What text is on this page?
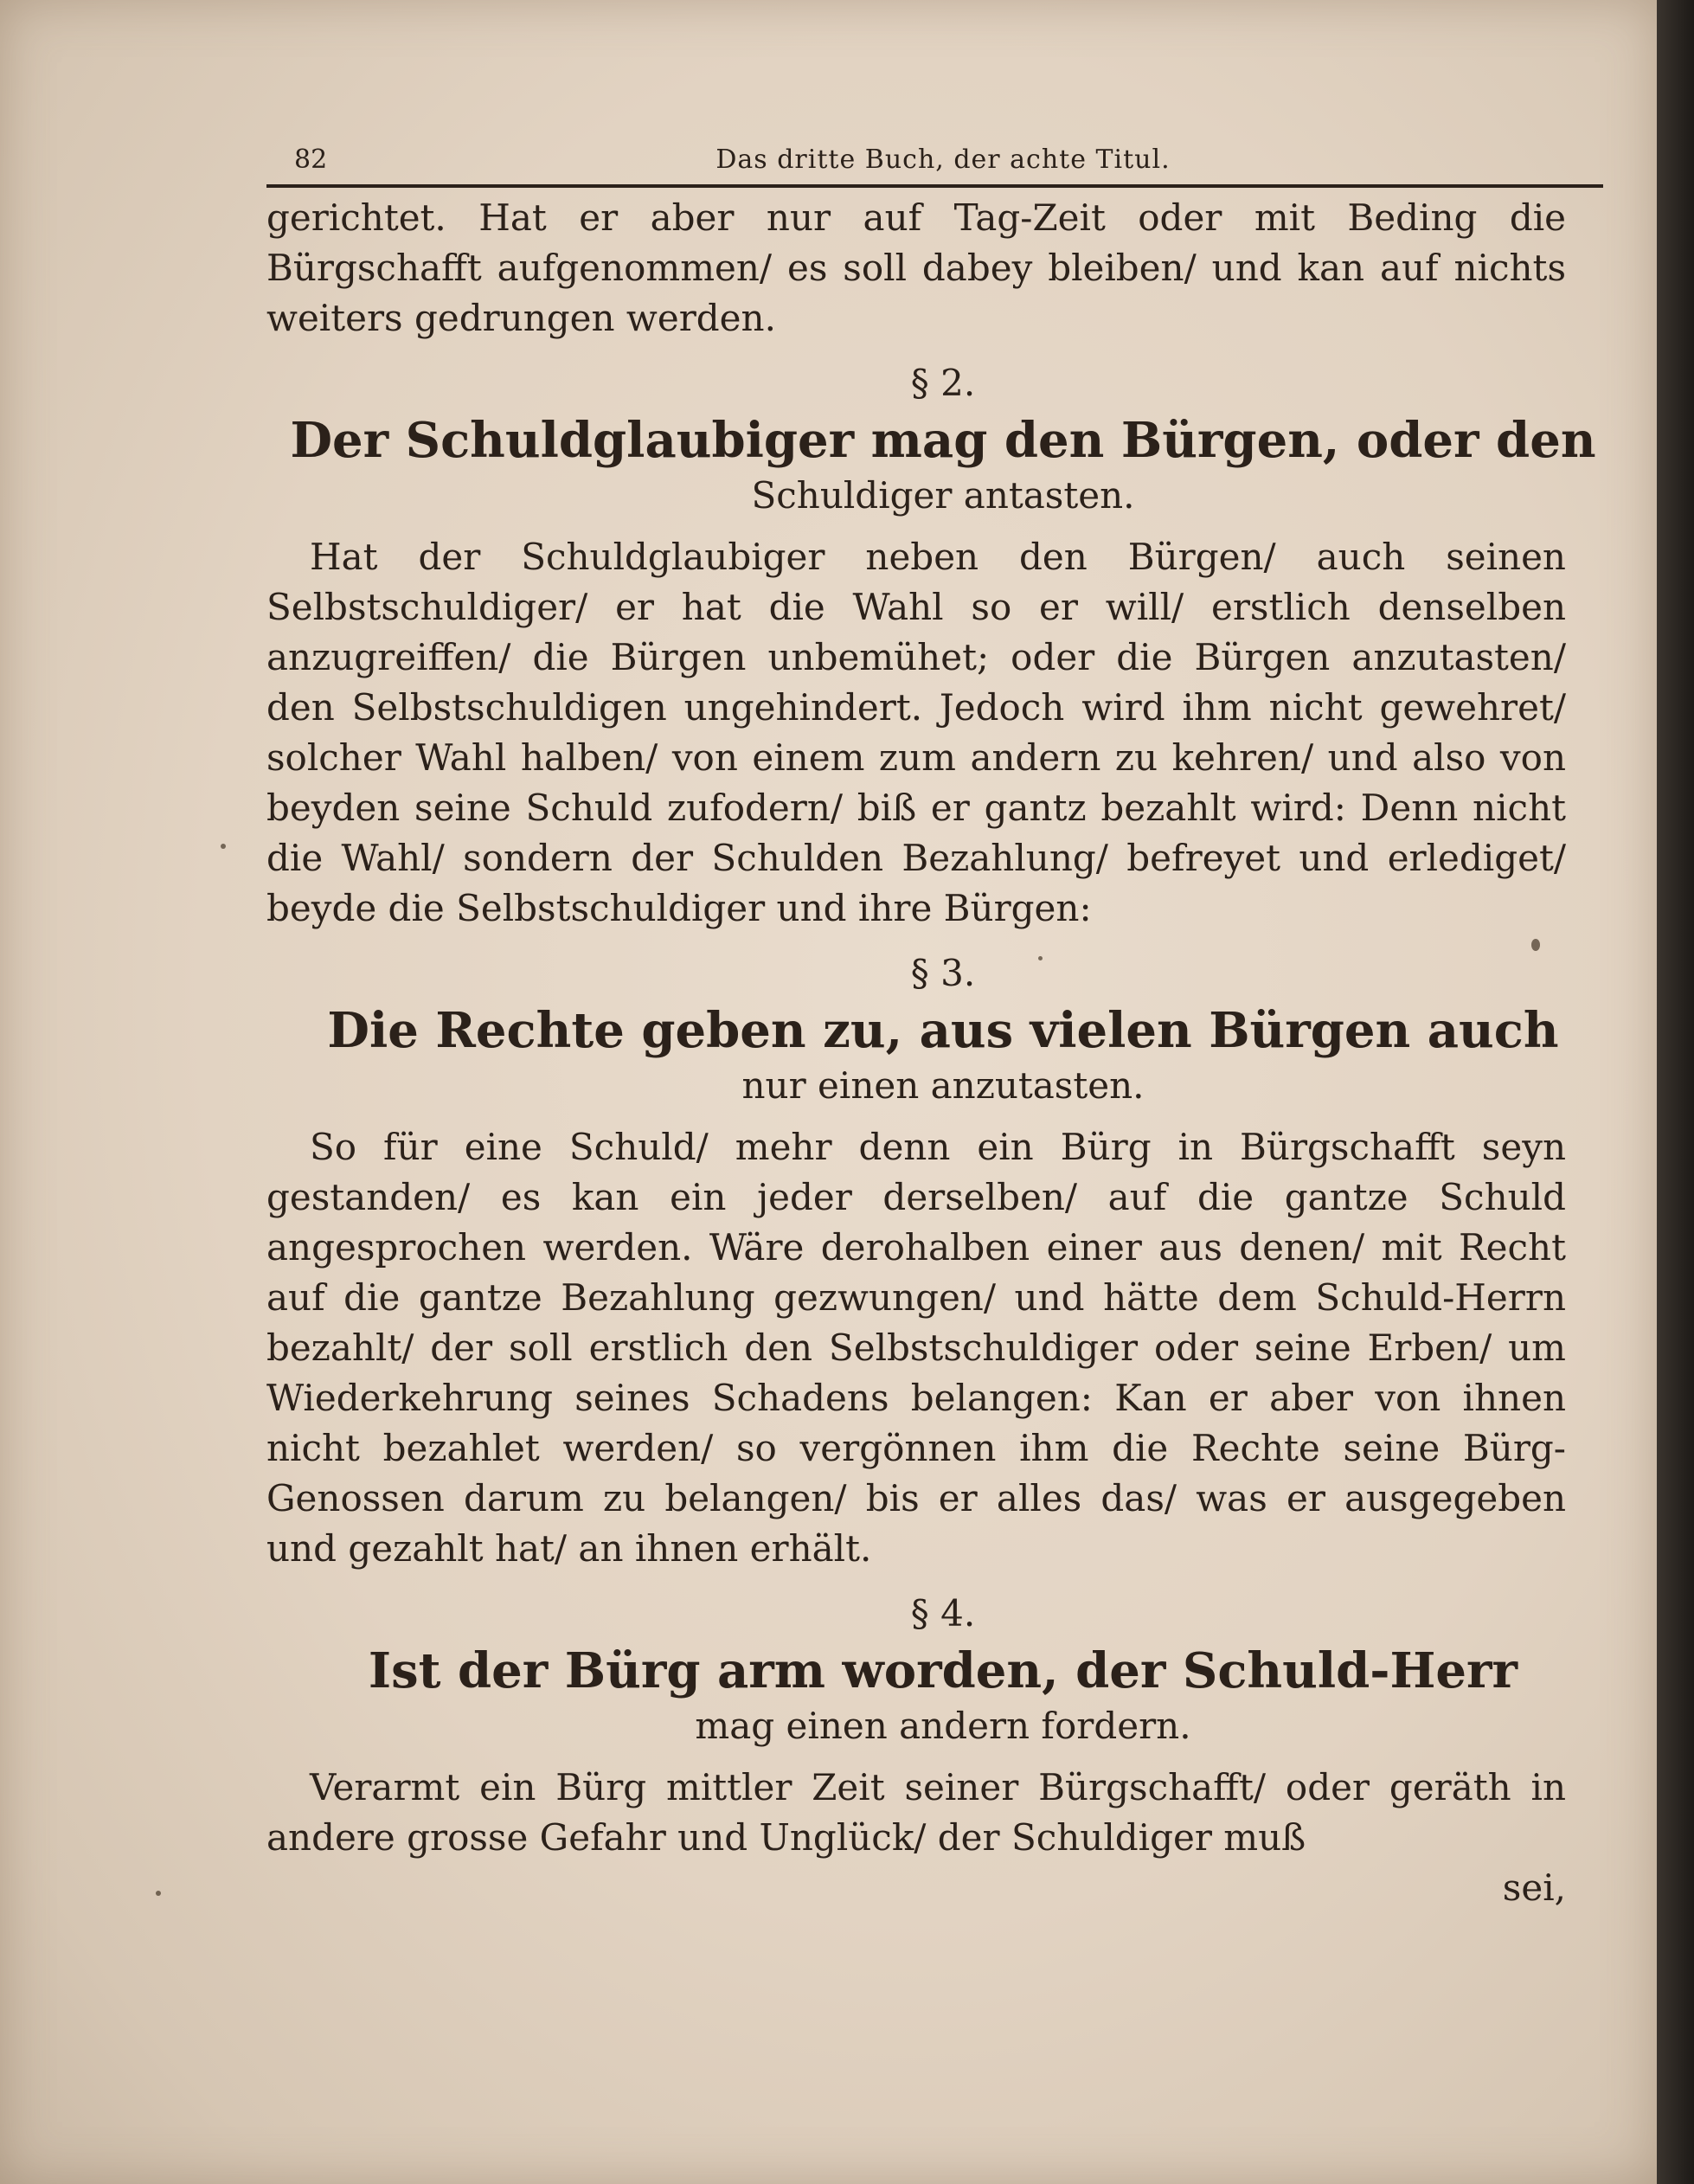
82	Das dritte Buch, der achte Titul.

gerichtet. Hat er aber nur auf Tag-Zeit oder mit Beding die Bürgschafft aufgenommen/ es soll dabey bleiben/ und kan auf nichts weiters gedrungen werden.

§ 2.
Der Schuldglaubiger mag den Bürgen, oder den
Schuldiger antasten.

Hat der Schuldglaubiger neben den Bürgen/ auch seinen Selbstschuldiger/ er hat die Wahl so er will/ erstlich denselben anzugreiffen/ die Bürgen unbemühet; oder die Bürgen anzutasten/ den Selbstschuldigen ungehindert. Jedoch wird ihm nicht gewehret/ solcher Wahl halben/ von einem zum andern zu kehren/ und also von beyden seine Schuld zufodern/ biß er gantz bezahlt wird: Denn nicht die Wahl/ sondern der Schulden Bezahlung/ befreyet und erlediget/ beyde die Selbstschuldiger und ihre Bürgen:

§ 3.
Die Rechte geben zu, aus vielen Bürgen auch
nur einen anzutasten.

So für eine Schuld/ mehr denn ein Bürg in Bürgschafft seyn gestanden/ es kan ein jeder derselben/ auf die gantze Schuld angesprochen werden. Wäre derohalben einer aus denen/ mit Recht auf die gantze Bezahlung gezwungen/ und hätte dem Schuld-Herrn bezahlt/ der soll erstlich den Selbstschuldiger oder seine Erben/ um Wiederkehrung seines Schadens belangen: Kan er aber von ihnen nicht bezahlet werden/ so vergönnen ihm die Rechte seine Bürg-Genossen darum zu belangen/ bis er alles das/ was er ausgegeben und gezahlt hat/ an ihnen erhält.

§ 4.
Ist der Bürg arm worden, der Schuld-Herr
mag einen andern fordern.

Verarmt ein Bürg mittler Zeit seiner Bürgschafft/ oder geräth in andere grosse Gefahr und Unglück/ der Schuldiger muß

sei,
